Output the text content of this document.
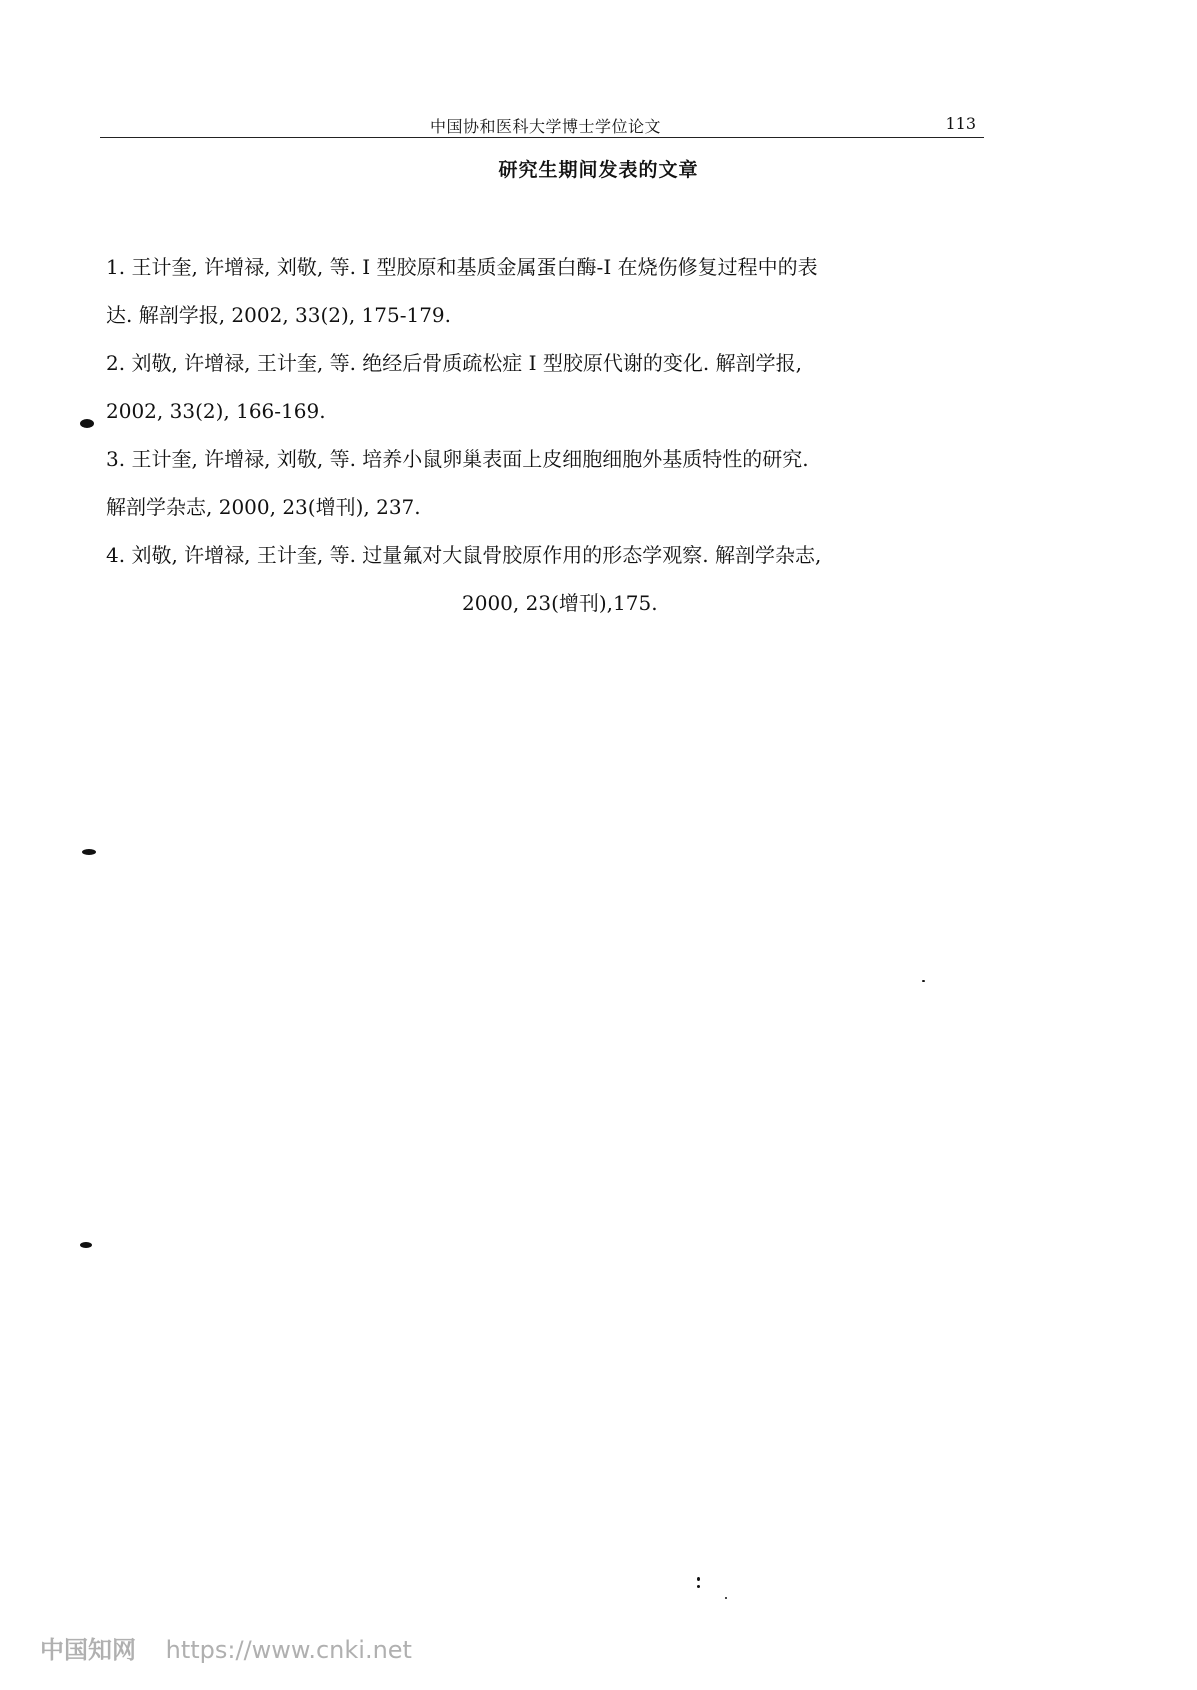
中国协和医科大学博士学位论文	113
研究生期间发表的文章
1. 王计奎, 许增禄, 刘敬, 等. I 型胶原和基质金属蛋白酶-I 在烧伤修复过程中的表
达. 解剖学报, 2002, 33(2), 175-179.
2. 刘敬, 许增禄, 王计奎, 等. 绝经后骨质疏松症 I 型胶原代谢的变化. 解剖学报,
2002, 33(2), 166-169.
3. 王计奎, 许增禄, 刘敬, 等. 培养小鼠卵巢表面上皮细胞细胞外基质特性的研究.
解剖学杂志, 2000, 23(增刊), 237.
4. 刘敬, 许增禄, 王计奎, 等. 过量氟对大鼠骨胶原作用的形态学观察. 解剖学杂志,
2000, 23(增刊),175.
中国知网 https://www.cnki.net
